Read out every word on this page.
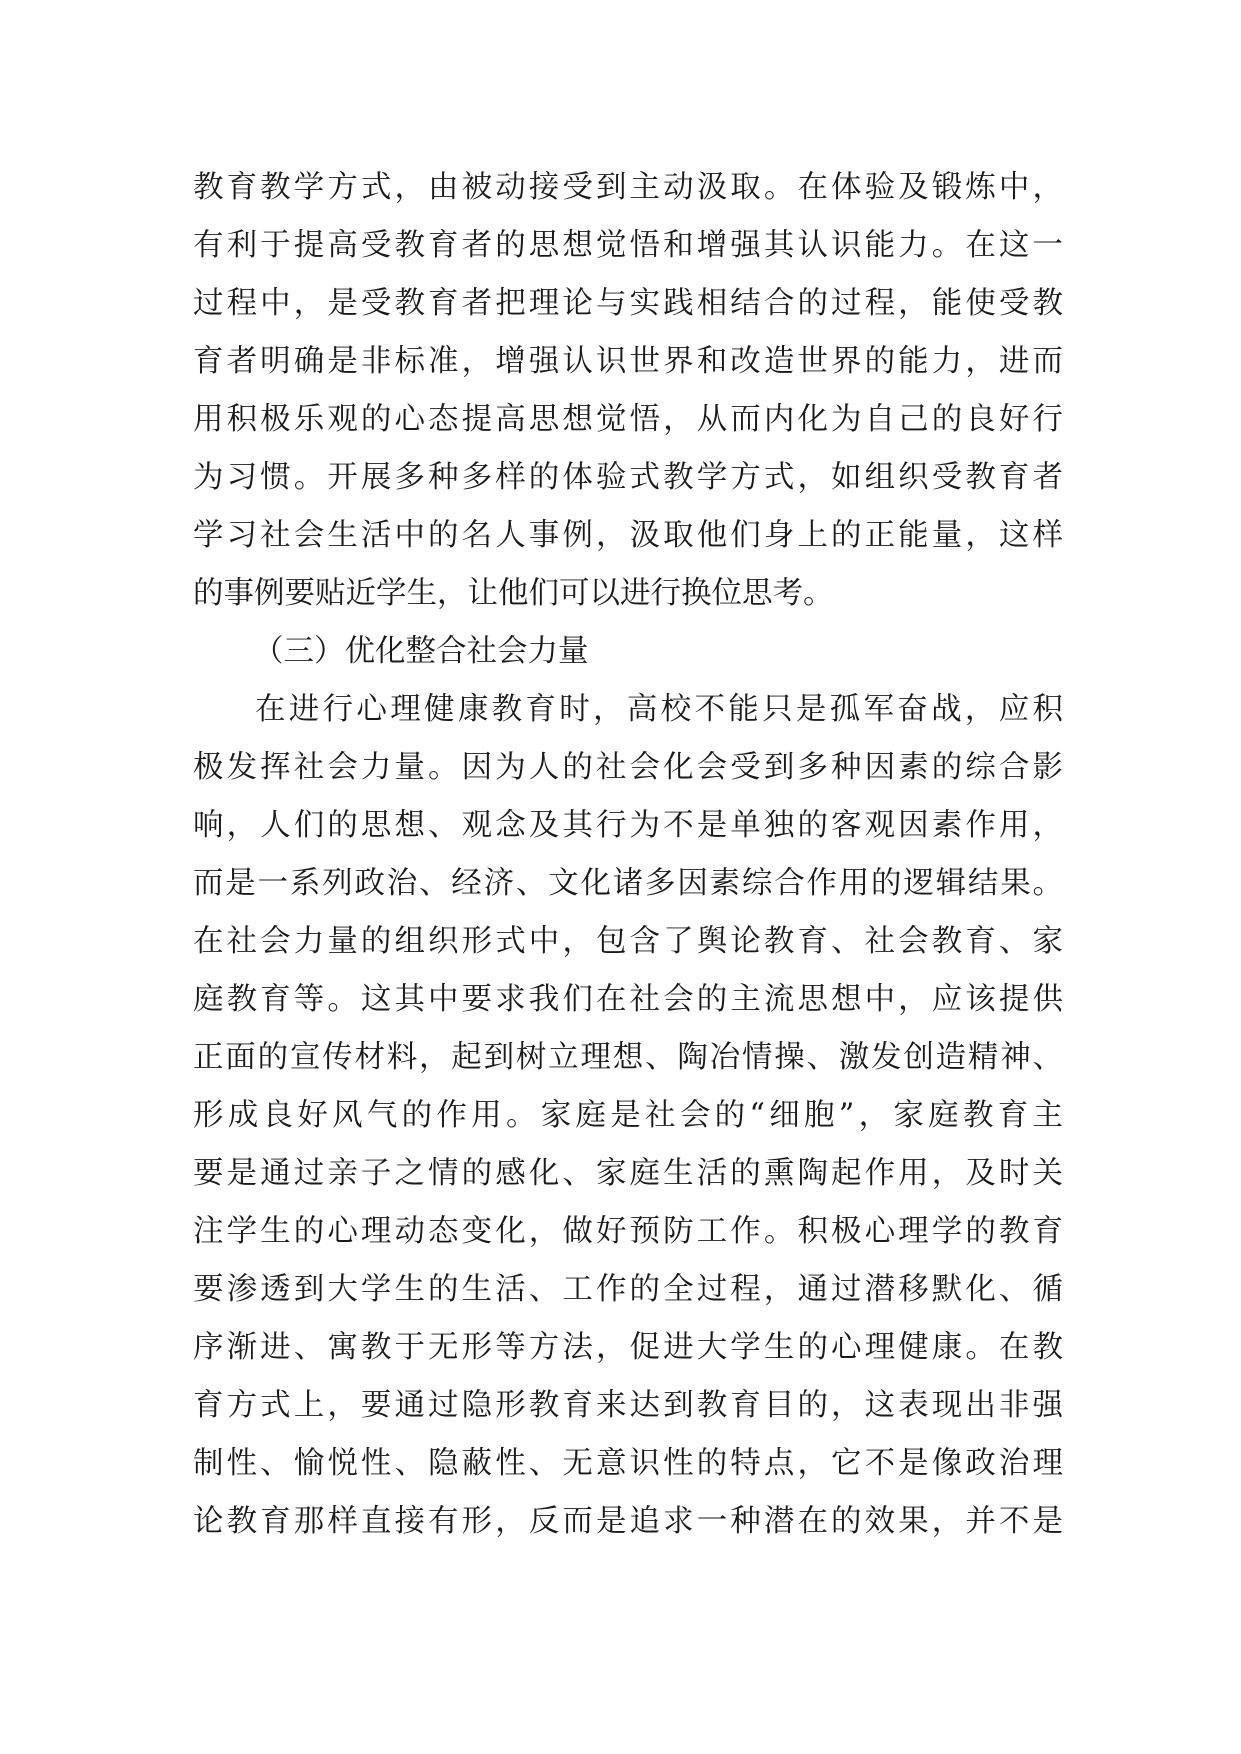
教育教学方式，由被动接受到主动汲取。在体验及锻炼中，
有利于提高受教育者的思想觉悟和增强其认识能力。在这一
过程中，是受教育者把理论与实践相结合的过程，能使受教
育者明确是非标准，增强认识世界和改造世界的能力，进而
用积极乐观的心态提高思想觉悟，从而内化为自己的良好行
为习惯。开展多种多样的体验式教学方式，如组织受教育者
学习社会生活中的名人事例，汲取他们身上的正能量，这样
的事例要贴近学生，让他们可以进行换位思考。
（三）优化整合社会力量
在进行心理健康教育时，高校不能只是孤军奋战，应积
极发挥社会力量。因为人的社会化会受到多种因素的综合影
响，人们的思想、观念及其行为不是单独的客观因素作用，
而是一系列政治、经济、文化诸多因素综合作用的逻辑结果。
在社会力量的组织形式中，包含了舆论教育、社会教育、家
庭教育等。这其中要求我们在社会的主流思想中，应该提供
正面的宣传材料，起到树立理想、陶冶情操、激发创造精神、
形成良好风气的作用。家庭是社会的“细胞”，家庭教育主
要是通过亲子之情的感化、家庭生活的熏陶起作用，及时关
注学生的心理动态变化，做好预防工作。积极心理学的教育
要渗透到大学生的生活、工作的全过程，通过潜移默化、循
序渐进、寓教于无形等方法，促进大学生的心理健康。在教
育方式上，要通过隐形教育来达到教育目的，这表现出非强
制性、愉悦性、隐蔽性、无意识性的特点，它不是像政治理
论教育那样直接有形，反而是追求一种潜在的效果，并不是
